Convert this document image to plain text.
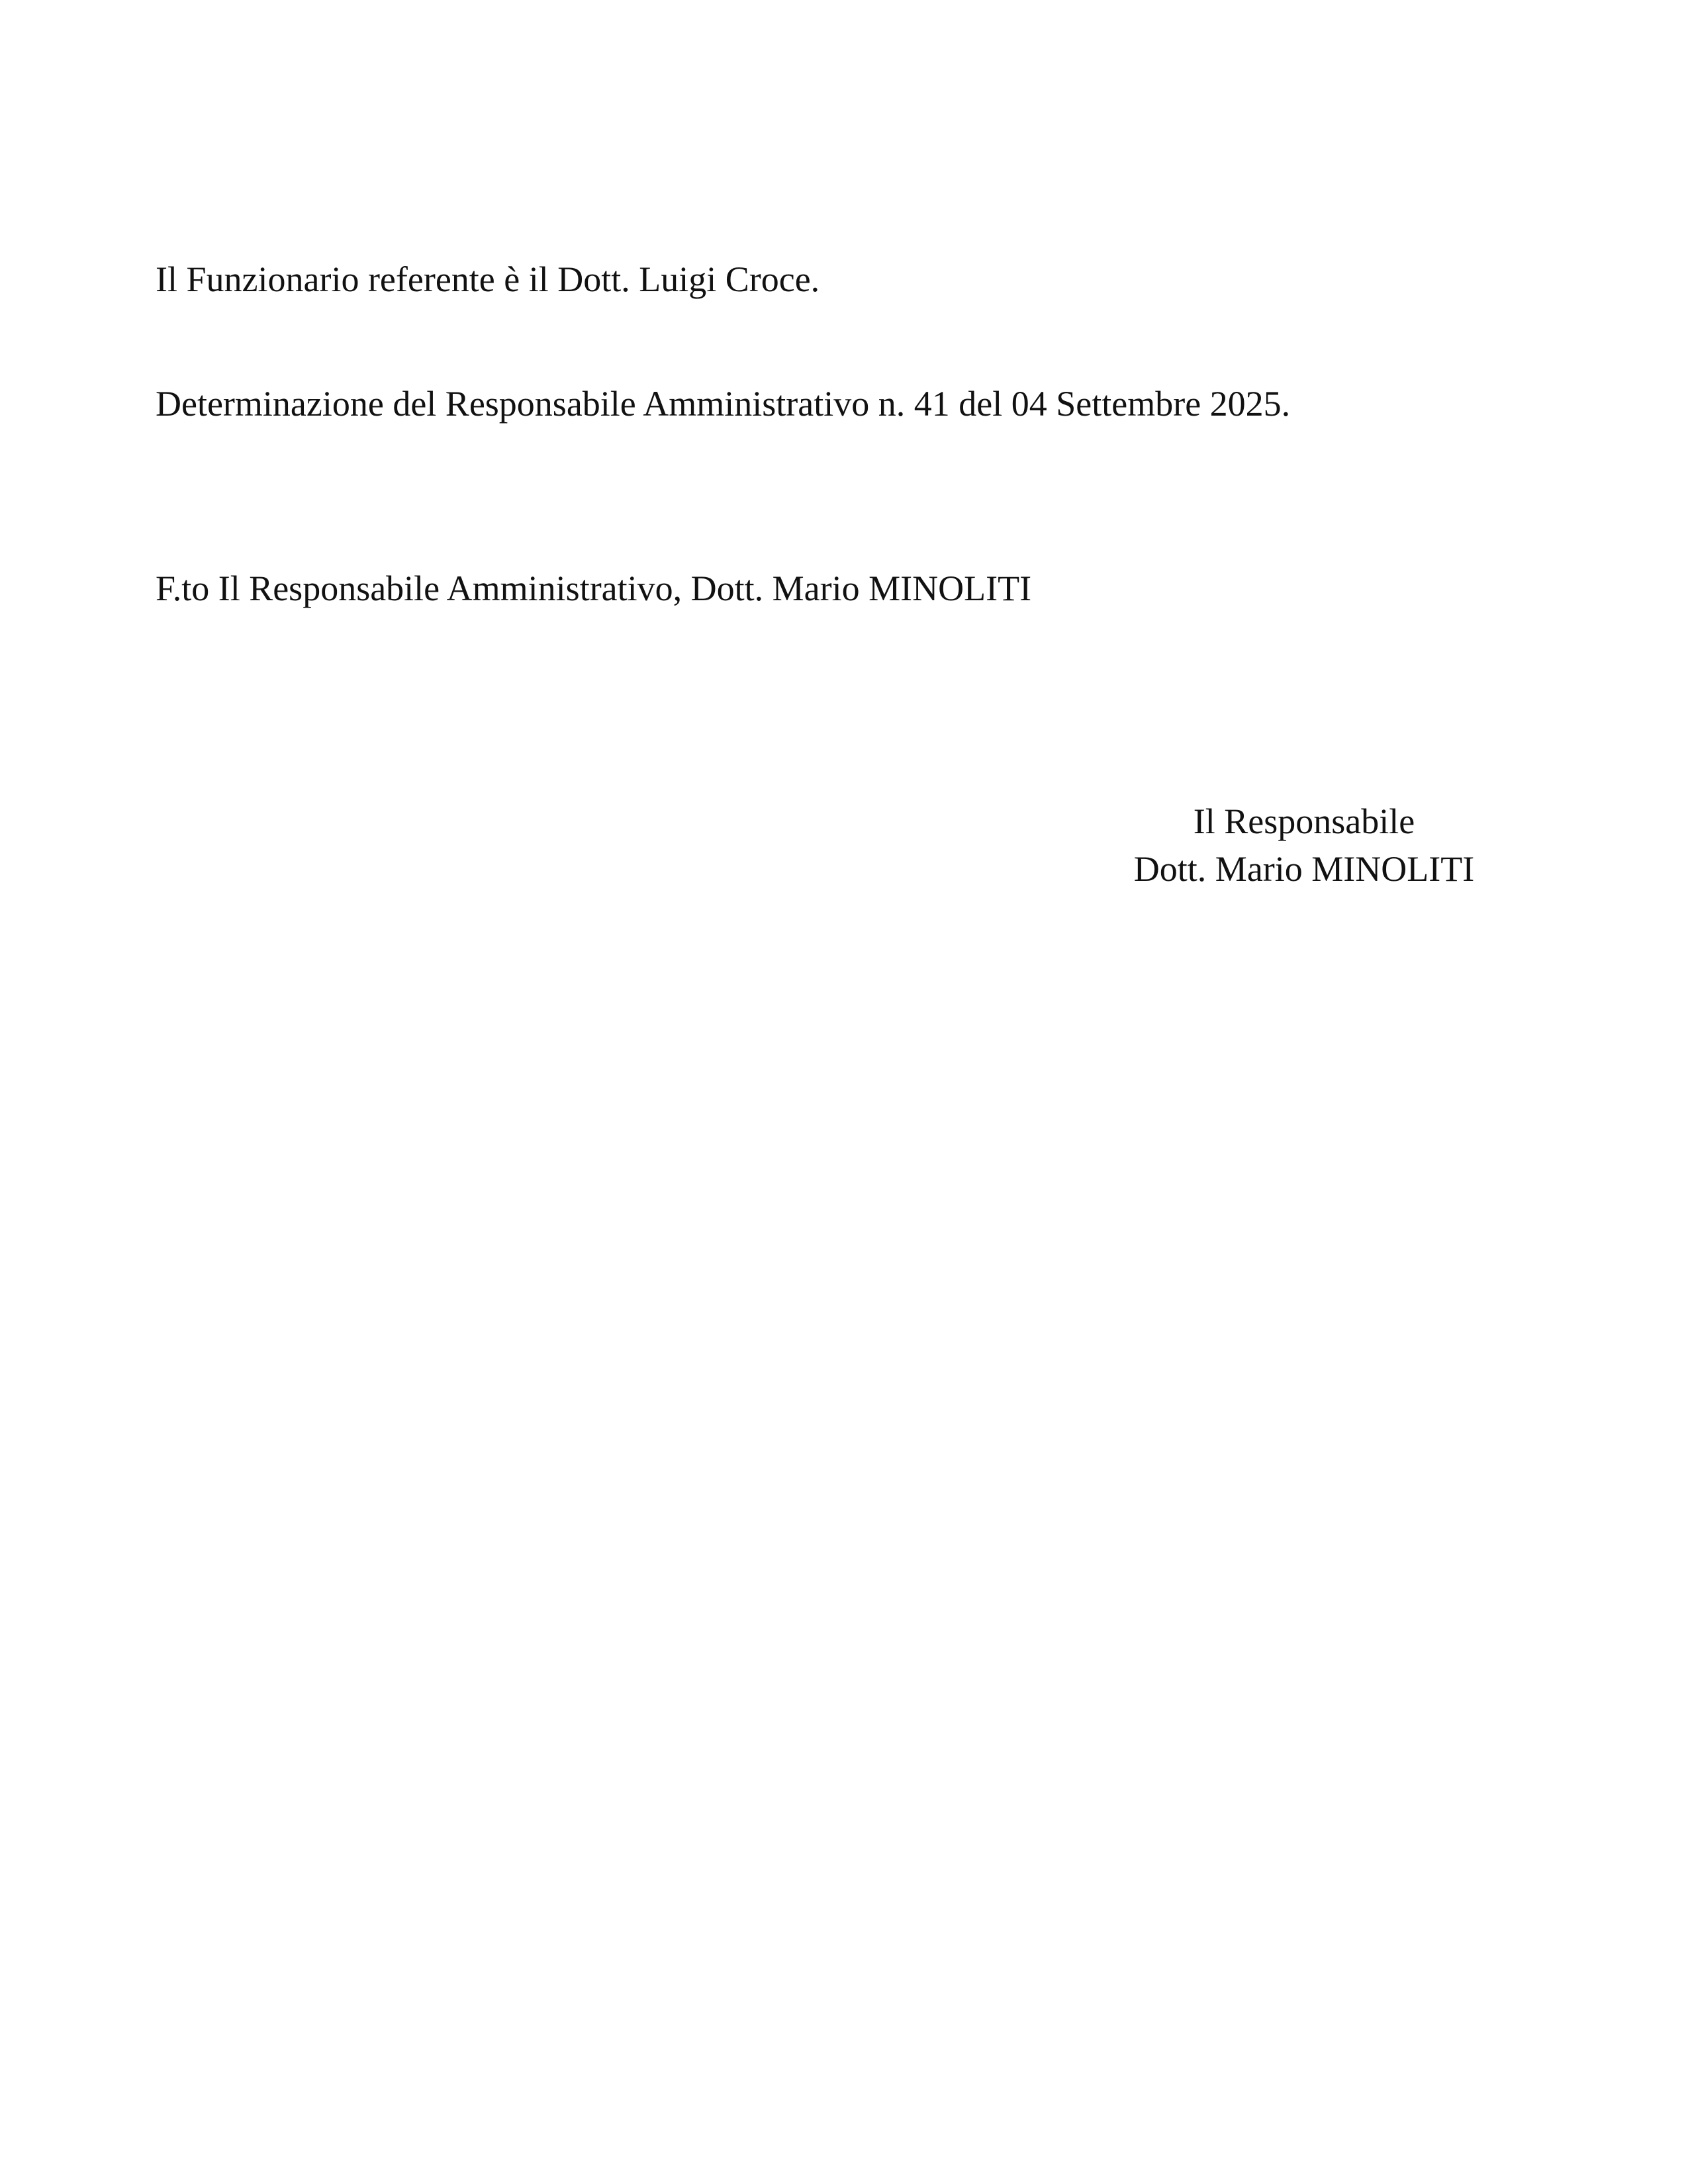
Il Funzionario referente è il Dott. Luigi Croce.

Determinazione del Responsabile Amministrativo n. 41 del 04 Settembre 2025.

F.to Il Responsabile Amministrativo, Dott. Mario MINOLITI

Il Responsabile
Dott. Mario MINOLITI
